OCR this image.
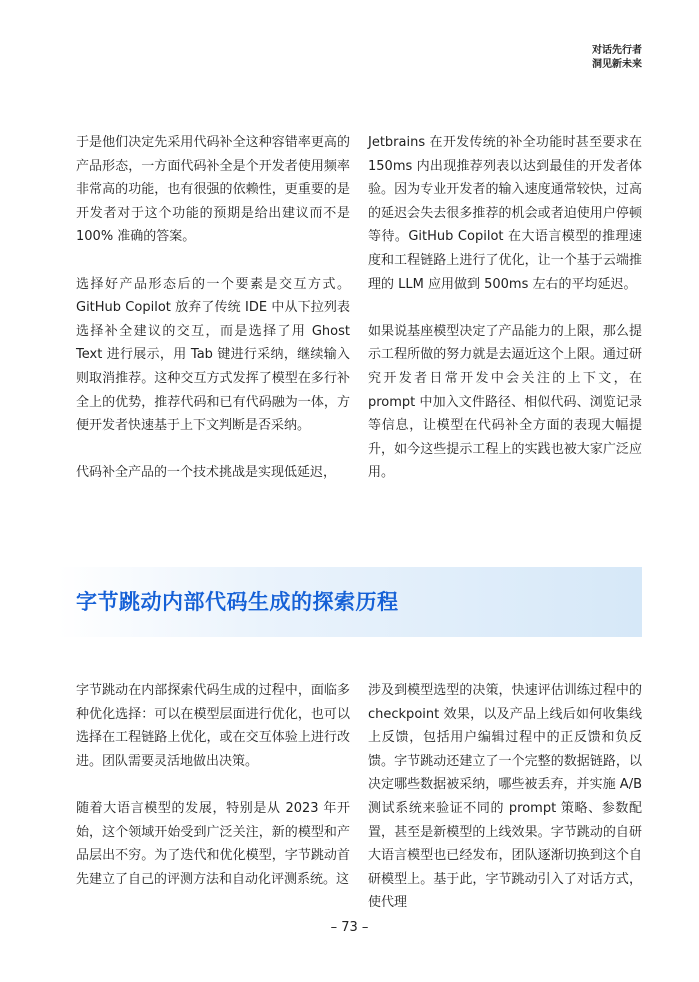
对话先行者
洞见新未来

于是他们决定先采用代码补全这种容错率更高的产品形态，一方面代码补全是个开发者使用频率非常高的功能，也有很强的依赖性，更重要的是开发者对于这个功能的预期是给出建议而不是 100% 准确的答案。

选择好产品形态后的一个要素是交互方式。GitHub Copilot 放弃了传统 IDE 中从下拉列表选择补全建议的交互，而是选择了用 Ghost Text 进行展示，用 Tab 键进行采纳，继续输入则取消推荐。这种交互方式发挥了模型在多行补全上的优势，推荐代码和已有代码融为一体，方便开发者快速基于上下文判断是否采纳。

代码补全产品的一个技术挑战是实现低延迟，

Jetbrains 在开发传统的补全功能时甚至要求在 150ms 内出现推荐列表以达到最佳的开发者体验。因为专业开发者的输入速度通常较快，过高的延迟会失去很多推荐的机会或者迫使用户停顿等待。GitHub Copilot 在大语言模型的推理速度和工程链路上进行了优化，让一个基于云端推理的 LLM 应用做到 500ms 左右的平均延迟。

如果说基座模型决定了产品能力的上限，那么提示工程所做的努力就是去逼近这个上限。通过研究开发者日常开发中会关注的上下文，在 prompt 中加入文件路径、相似代码、浏览记录等信息，让模型在代码补全方面的表现大幅提升，如今这些提示工程上的实践也被大家广泛应用。

字节跳动内部代码生成的探索历程

字节跳动在内部探索代码生成的过程中，面临多种优化选择：可以在模型层面进行优化，也可以选择在工程链路上优化，或在交互体验上进行改进。团队需要灵活地做出决策。

随着大语言模型的发展，特别是从 2023 年开始，这个领域开始受到广泛关注，新的模型和产品层出不穷。为了迭代和优化模型，字节跳动首先建立了自己的评测方法和自动化评测系统。这

涉及到模型选型的决策，快速评估训练过程中的 checkpoint 效果，以及产品上线后如何收集线上反馈，包括用户编辑过程中的正反馈和负反馈。字节跳动还建立了一个完整的数据链路，以决定哪些数据被采纳，哪些被丢弃，并实施 A/B 测试系统来验证不同的 prompt 策略、参数配置，甚至是新模型的上线效果。字节跳动的自研大语言模型也已经发布，团队逐渐切换到这个自研模型上。基于此，字节跳动引入了对话方式，使代理

– 73 –
